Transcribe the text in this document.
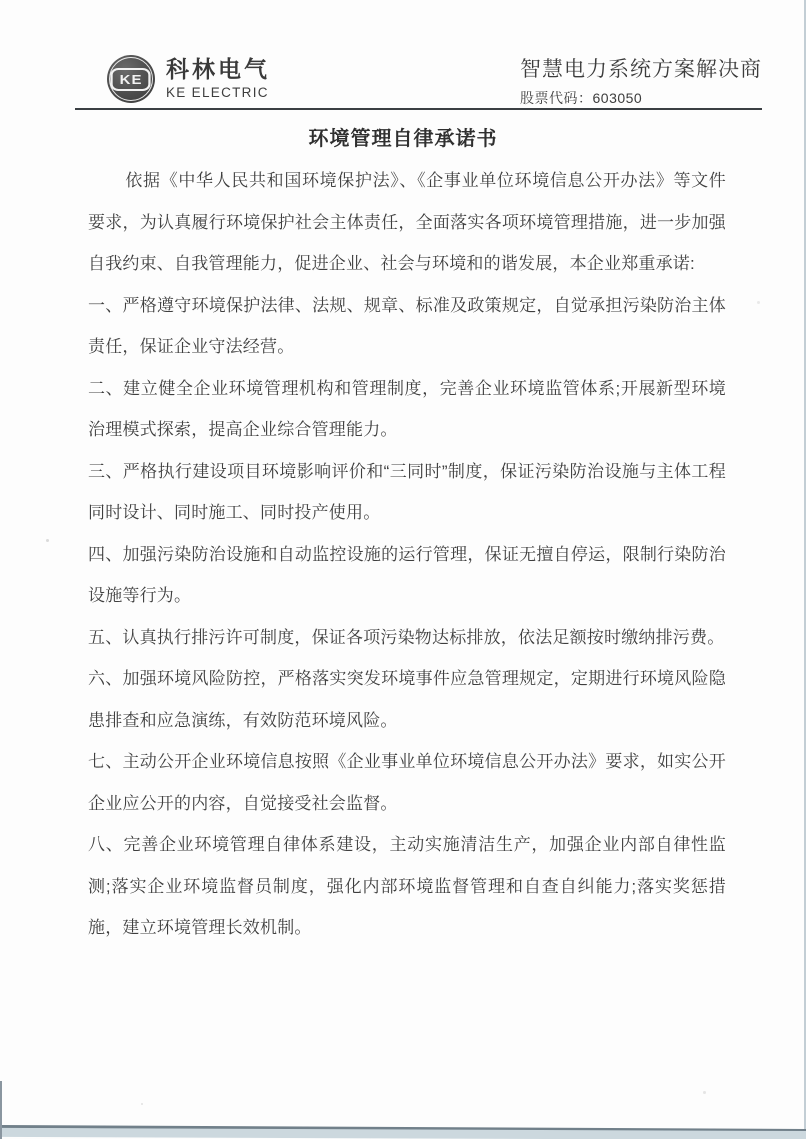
KE 科林电气
KE ELECTRIC
智慧电力系统方案解决商
股票代码：603050
环境管理自律承诺书

依据《中华人民共和国环境保护法》、《企事业单位环境信息公开办法》等文件要求，为认真履行环境保护社会主体责任，全面落实各项环境管理措施，进一步加强自我约束、自我管理能力，促进企业、社会与环境和的谐发展，本企业郑重承诺:

一、严格遵守环境保护法律、法规、规章、标准及政策规定，自觉承担污染防治主体责任，保证企业守法经营。

二、建立健全企业环境管理机构和管理制度，完善企业环境监管体系;开展新型环境治理模式探索，提高企业综合管理能力。

三、严格执行建设项目环境影响评价和“三同时”制度，保证污染防治设施与主体工程同时设计、同时施工、同时投产使用。

四、加强污染防治设施和自动监控设施的运行管理，保证无擅自停运，限制行染防治设施等行为。

五、认真执行排污许可制度，保证各项污染物达标排放，依法足额按时缴纳排污费。

六、加强环境风险防控，严格落实突发环境事件应急管理规定，定期进行环境风险隐患排查和应急演练，有效防范环境风险。

七、主动公开企业环境信息按照《企业事业单位环境信息公开办法》要求，如实公开企业应公开的内容，自觉接受社会监督。

八、完善企业环境管理自律体系建设，主动实施清洁生产，加强企业内部自律性监测;落实企业环境监督员制度，强化内部环境监督管理和自查自纠能力;落实奖惩措施，建立环境管理长效机制。
